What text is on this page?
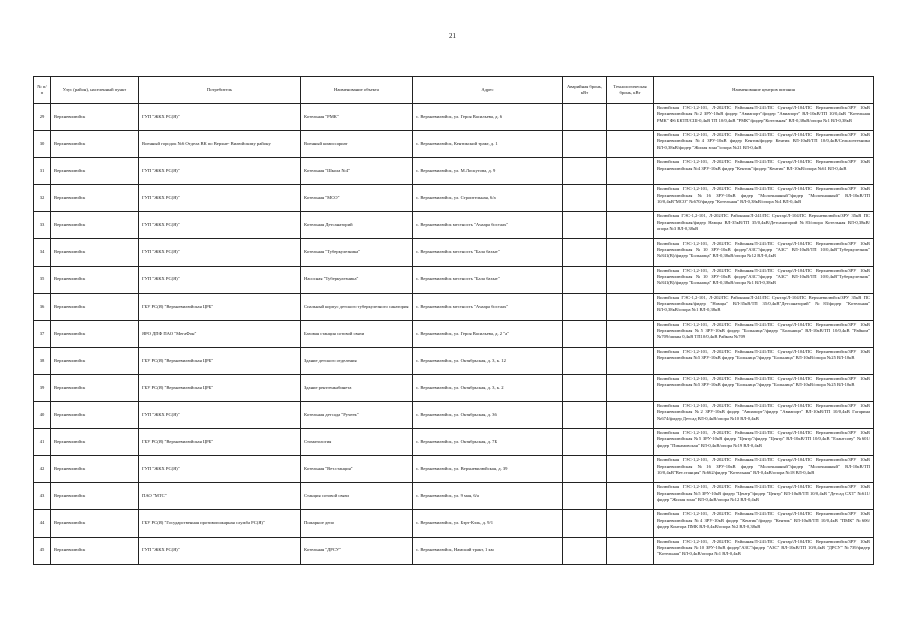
21
№ п/п	Улус (район), населенный пункт	Потребитель	Наименование объекта	Адрес	Аварийная бронь, кВт	Технологическая бронь, кВт	Наименование центров питания
29	Верхневилюйск	ГУП "ЖКХ РС(Я)"	Котельная "РМК"	с. Верхневилюйск, ул. Героя Васильева, д. 6			Вилюйская ГЭС-1,2-101, Л-202/ПС Районная/Л-241/ПС Сунтар/Л-104/ПС Верхневилюйск/ЗРУ 10кВ Верхневилюйская №2 ЗРУ-10кВ фидер "Авиапорт"/фидер "Авиапорт" ВЛ-10кВ/ТП 10/0,4кВ "Котельная РМК" Ф6 БКТП/СШ-0,4кВ ТП 10/0,4кВ "РМК"/фидер"Котельная" ВЛ-0,38кВ/опора №1 ВЛ-0,38кВ

30	Верхневилюйск	Военный городок №6 Отдела ВК по Верхне- Вилюйскому району	Военный комиссариат	с. Верхневилюйск, Кентикский тракт, д. 1			Вилюйская ГЭС-1,2-101, Л-202/ПС Районная/Л-241/ПС Сунтар/Л-104/ПС Верхневилюйск/ЗРУ 10кВ Верхневилюйская №4 ЗРУ-10кВ фидер Кентик/фидер Кентик ВЛ-10кВ/ТП 10/0,4кВ/Сельхозтехника ВЛ-0,38кВ/фидер "Жилая зона"/опора №21 ВЛ-0,4кВ

31	Верхневилюйск	ГУП "ЖКХ РС(Я)"	Котельная "Школа №4"	с. Верхневилюйск, ул. М.Лоскутова, д. 9			Вилюйская ГЭС-1,2-101, Л-202/ПС Районная/Л-241/ПС Сунтар/Л-104/ПС Верхневилюйск/ЗРУ 10кВ Верхневилюйская №4 ЗРУ-10кВ фидер "Кентик"/фидер "Кентик" ВЛ-10кВ/опора №61 ВЛ-0,4кВ

32	Верхневилюйск	ГУП "ЖКХ РС(Я)"	Котельная "МСО"	с. Верхневилюйск, ул. Строительная, 6/а			Вилюйская ГЭС-1,2-101, Л-202/ПС Районная/Л-241/ПС Сунтар/Л-104/ПС Верхневилюйск/ЗРУ 10кВ Верхневилюйская №16 ЗРУ-10кВ фидер "Молочнаяный"/фидер "Молочнаяный" ВЛ-10кВ/ТП 10/0,4кВ"МСО" №670/фидер "Котельная" ВЛ-0,38кВ/опора №4 ВЛ-0,4кВ

33	Верхневилюйск	ГУП "ЖКХ РС(Я)"	Котельная Детсанаторий	с. Верхневилюйск местность "Ачаара бостаах"			Вилюйская ГЭС-1,2-101, Л-202/ПС Районная/Л-241/ПС Сунтар/Л-104/ПС Верхневилюйск/ЗРУ 35кВ ПС Верхневилюйская/фидер Намцы ВЛ-35кВ/ТП 35/0,4кВ/Детсанаторий №83/опора Котельная ВЛ-0,38кВ/опора №3 ВЛ-0,38кВ

34	Верхневилюйск	ГУП "ЖКХ РС(Я)"	Котельная "Туберкулезника"	с. Верхневилюйск местность "Бала бахыт"			Вилюйская ГЭС-1,2-101, Л-202/ПС Районная/Л-241/ПС Сунтар/Л-104/ПС Верхневилюйск/ЗРУ 10кВ Верхневилюйская №10 ЗРУ-10кВ фидер"АЗС"/фидер "АЗС" ВЛ-10кВ/ТП 10/0,4кВ"Туберкулезник" №841(В)/фидер "Больница" ВЛ-0,38кВ/опора №12 ВЛ-0,4кВ

35	Верхневилюйск	ГУП "ЖКХ РС(Я)"	Насосная "Туберкулезника"	с. Верхневилюйск местность "Бала бахыт"			Вилюйская ГЭС-1,2-101, Л-202/ПС Районная/Л-241/ПС Сунтар/Л-104/ПС Верхневилюйск/ЗРУ 10кВ Верхневилюйская №10 ЗРУ-10кВ фидер"АЗС"/фидер "АЗС" ВЛ-10кВ/ТП 10/0,4кВ"Туберкулезник" №841(В)/фидер "Больница" ВЛ-0,38кВ/опора №1 ВЛ-0,38кВ

36	Верхневилюйск	ГБУ РС(Я) "Верхневилюйская ЦРБ"	Спальный корпус детского туберкулезного санатория	с. Верхневилюйск местность "Ачаара бостаах"			Вилюйская ГЭС-1,2-101, Л-202/ПС Районная/Л-241/ПС Сунтар/Л-104/ПС Верхневилюйск/ЗРУ 35кВ ПС Верхневилюйская/фидер "Намцы" ВЛ-35кВ/ТП 35/0,4кВ"Детсанаторий" №83/фидер "Котельная" ВЛ-0,38кВ/опора №1 ВЛ-0,38кВ

37	Верхневилюйск	ЯРО ДПФ ПАО "МегаФон"	Базовая станция сотовой связи	с. Верхневилюйск, ул. Героя Васильева, д. 2 "а"			Вилюйская ГЭС-1,2-101, Л-202/ПС Районная/Л-241/ПС Сунтар/Л-104/ПС Верхневилюйск/ЗРУ 10кВ Верхневилюйская №5 ЗРУ-10кВ фидер "Больница"/фидер "Больница" ВЛ-10кВ/ТП 10/0,4кВ "Райком" №709/шины 0,4кВ ТП10/0,4кВ Райком №709

38	Верхневилюйск	ГБУ РС(Я) "Верхневилюйская ЦРБ"	Здание детского отделения	с. Верхневилюйск, ул. Октябрьская, д. 3, к. 12			Вилюйская ГЭС-1,2-101, Л-202/ПС Районная/Л-241/ПС Сунтар/Л-104/ПС Верхневилюйск/ЗРУ 10кВ Верхневилюйская №5 ЗРУ-10кВ фидер "Больница"/фидер "Больница" ВЛ-10кВ/опора №25 ВЛ-10кВ

39	Верхневилюйск	ГБУ РС(Я) "Верхневилюйская ЦРБ"	Здание рентгенкабинета	с. Верхневилюйск, ул. Октябрьская, д. 3, к. 2			Вилюйская ГЭС-1,2-101, Л-202/ПС Районная/Л-241/ПС Сунтар/Л-104/ПС Верхневилюйск/ЗРУ 10кВ Верхневилюйская №5 ЗРУ-10кВ фидер "Больница"/фидер "Больница" ВЛ-10кВ/опора №25 ВЛ-10кВ

40	Верхневилюйск	ГУП "ЖКХ РС(Я)"	Котельная детсада "Ручеек"	с. Верхневилюйск, ул. Октябрьская, д. 36			Вилюйская ГЭС-1,2-101, Л-202/ПС Районная/Л-241/ПС Сунтар/Л-104/ПС Верхневилюйск/ЗРУ 10кВ Верхневилюйская №2 ЗРУ-10кВ фидер "Авиапорт"/фидер "Авиапорт" ВЛ-10кВ/ТП 10/0,4кВ Гагарина №674/фидер Детсад ВЛ-0,4кВ/опора №10 ВЛ-0,4кВ

41	Верхневилюйск	ГБУ РС(Я) "Верхневилюйская ЦРБ"	Стоматология	с. Верхневилюйск, ул. Октябрьская, д. 7Б			Вилюйская ГЭС-1,2-101, Л-202/ПС Районная/Л-241/ПС Сунтар/Л-104/ПС Верхневилюйск/ЗРУ 10кВ Верхневилюйская №5 ЗРУ-10кВ фидер "Центр"/фидер "Центр" ВЛ-10кВ/ТП 10/0,4кВ "Елантсову" №601/фидер "Пикамовская" ВЛ-0,4кВ/опора №19 ВЛ-0,4кВ

42	Верхневилюйск	ГУП "ЖКХ РС(Я)"	Котельная "Вет.станция"	с. Верхневилюйск, ул. Верхневилюйская, д. 39			Вилюйская ГЭС-1,2-101, Л-202/ПС Районная/Л-241/ПС Сунтар/Л-104/ПС Верхневилюйск/ЗРУ 10кВ Верхневилюйская №16 ЗРУ-10кВ фидер "Молочнаяный"/фидер "Молочнаяный" ВЛ-10кВ/ТП 10/0,4кВ"Вет.станция" №662/фидер "Котельная" ВЛ-0,4кВ/опора №18 ВЛ-0,4кВ

43	Верхневилюйск	ПАО "МТС"	Станция сотовой связи	с. Верхневилюйск, ул. 9 мая, 6/а			Вилюйская ГЭС-1,2-101, Л-202/ПС Районная/Л-241/ПС Сунтар/Л-104/ПС Верхневилюйск/ЗРУ 10кВ Верхневилюйская №5 ЗРУ-10кВ фидер "Центр"/фидер "Центр" ВЛ-10кВ/ТП 10/0,4кВ "Детсад СХТ" №611/фидер "Жилая зона" ВЛ-0,4кВ/опора №12 ВЛ-0,4кВ

44	Верхневилюйск	ГБУ РС(Я) "Государственная противопожарная служба РС(Я)"	Пожарное депо	с. Верхневилюйск, ул. Бэрт-Кэль, д. 9/1			Вилюйская ГЭС-1,2-101, Л-202/ПС Районная/Л-241/ПС Сунтар/Л-104/ПС Верхневилюйск/ЗРУ 10кВ Верхневилюйская №4 ЗРУ-10кВ фидер "Кентик"/фидер "Кентик" ВЛ-10кВ/ТП 10/0,4кВ "ПМК" №606/фидер Контора ПМК ВЛ-0,4кВ/опора №2 ВЛ-0,38кВ

45	Верхневилюйск	ГУП "ЖКХ РС(Я)"	Котельная "ДРСУ"	с. Верхневилюйск, Намский тракт, 1 км			Вилюйская ГЭС-1,2-101, Л-202/ПС Районная/Л-241/ПС Сунтар/Л-104/ПС Верхневилюйск/ЗРУ 10кВ Верхневилюйская №10 ЗРУ-10кВ фидер"АЗС"/фидер "АЗС" ВЛ-10кВ/ТП 10/0,4кВ "ДРСУ" №739/фидер "Котельная" ВЛ-0,4кВ/опора №1 ВЛ-0,4кВ
